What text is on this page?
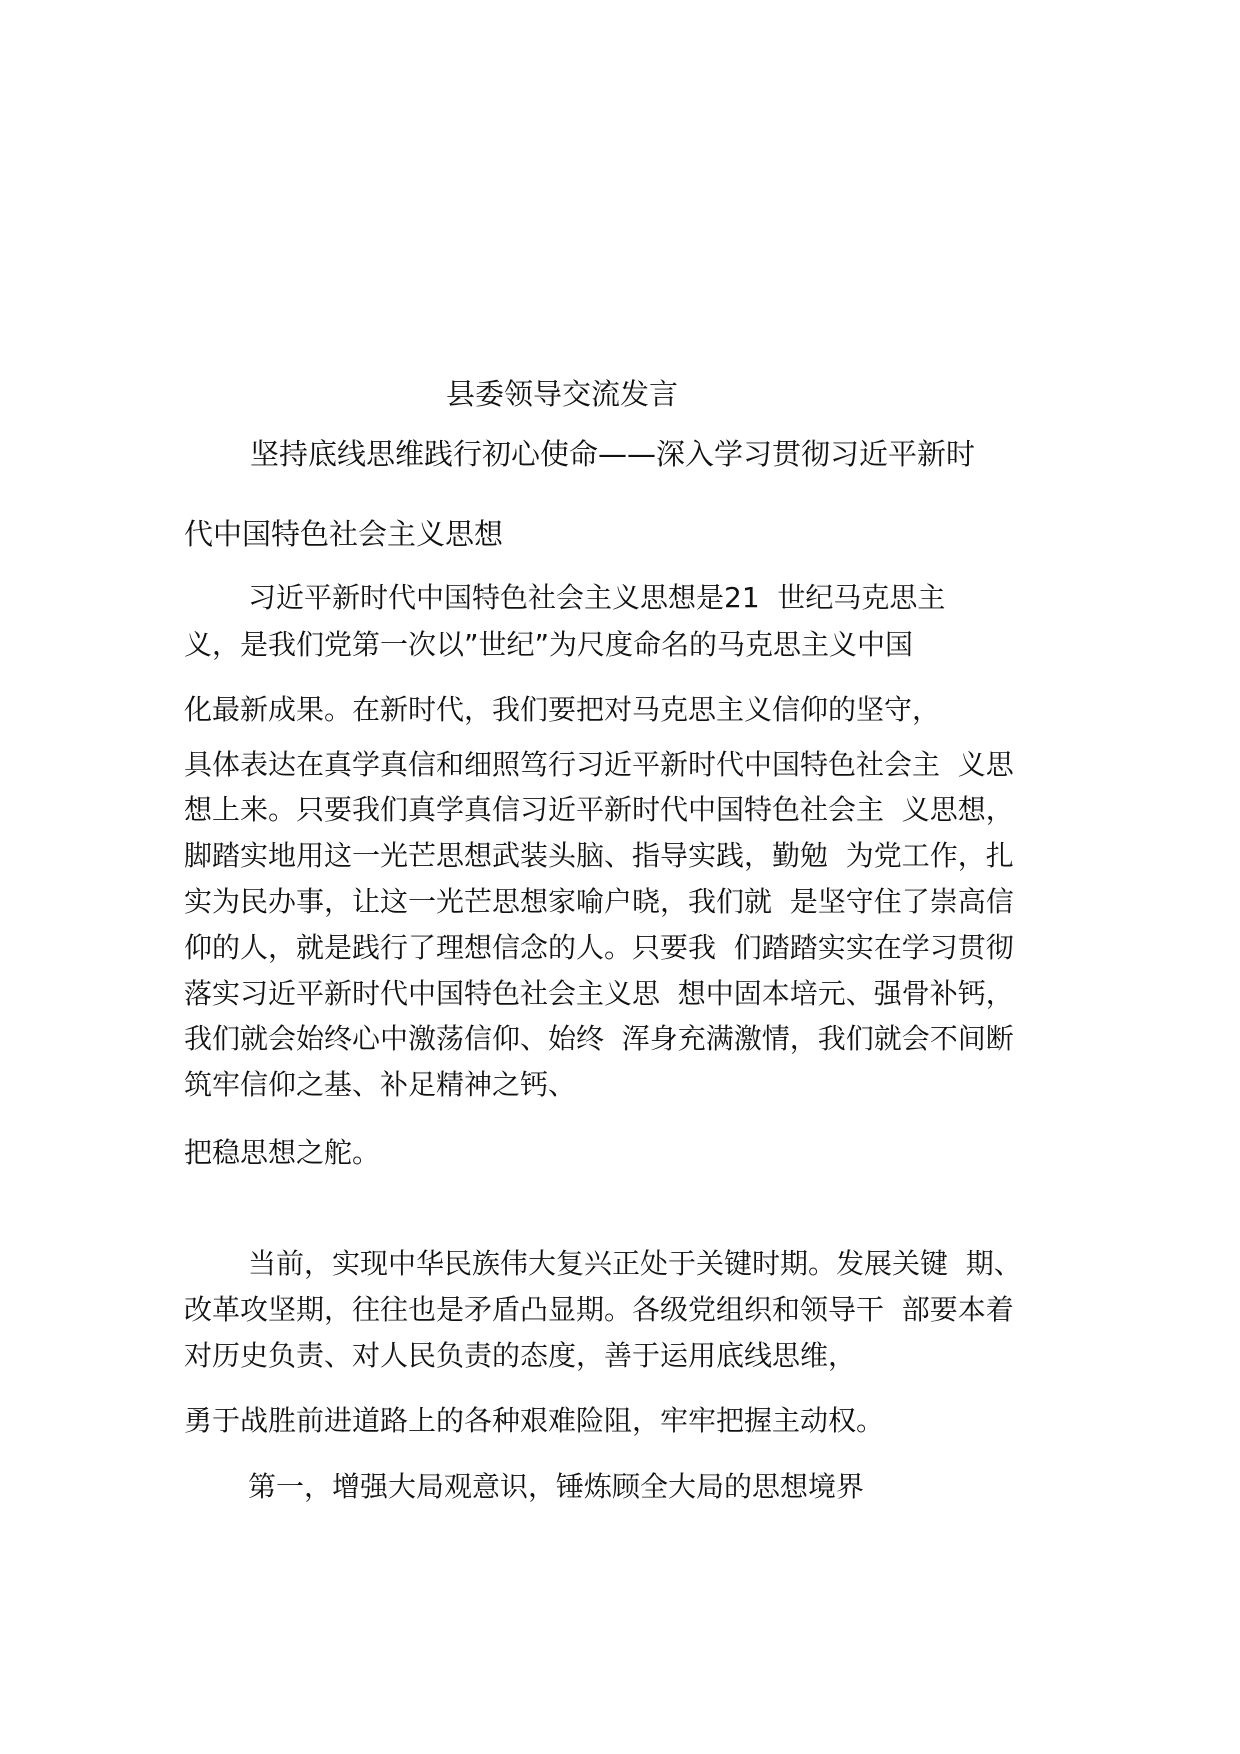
县委领导交流发言
坚持底线思维践行初心使命——深入学习贯彻习近平新时
代中国特色社会主义思想
习近平新时代中国特色社会主义思想是21  世纪马克思主
义，是我们党第一次以”世纪”为尺度命名的马克思主义中国
化最新成果。在新时代，我们要把对马克思主义信仰的坚守，
具体表达在真学真信和细照笃行习近平新时代中国特色社会主  义思
想上来。只要我们真学真信习近平新时代中国特色社会主  义思想，
脚踏实地用这一光芒思想武装头脑、指导实践，勤勉  为党工作，扎
实为民办事，让这一光芒思想家喻户晓，我们就  是坚守住了崇高信
仰的人，就是践行了理想信念的人。只要我  们踏踏实实在学习贯彻
落实习近平新时代中国特色社会主义思  想中固本培元、强骨补钙，
我们就会始终心中激荡信仰、始终  浑身充满激情，我们就会不间断
筑牢信仰之基、补足精神之钙、
把稳思想之舵。
当前，实现中华民族伟大复兴正处于关键时期。发展关键  期、
改革攻坚期，往往也是矛盾凸显期。各级党组织和领导干  部要本着
对历史负责、对人民负责的态度，善于运用底线思维，
勇于战胜前进道路上的各种艰难险阻，牢牢把握主动权。
第一，增强大局观意识，锤炼顾全大局的思想境界
